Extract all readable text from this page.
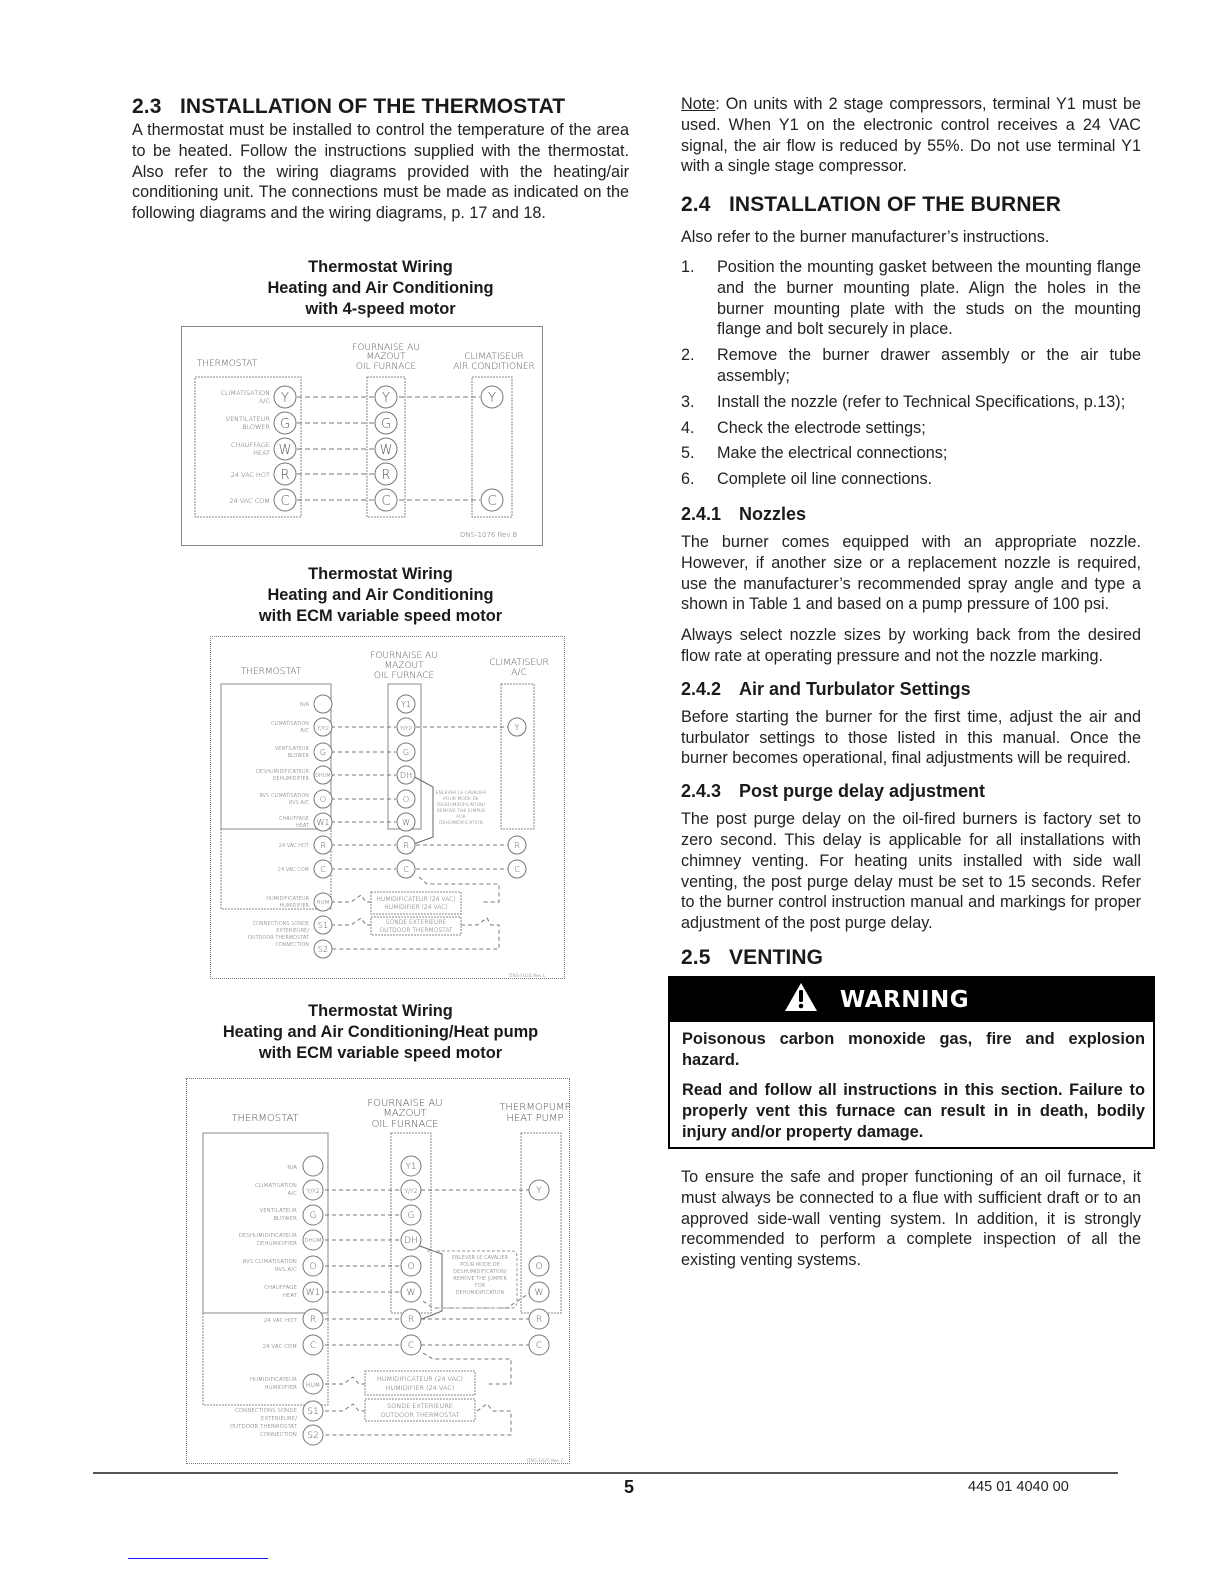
2.3 INSTALLATION OF THE THERMOSTAT

A thermostat must be installed to control the temperature of the area to be heated. Follow the instructions supplied with the thermostat. Also refer to the wiring diagrams provided with the heating/air conditioning unit. The connections must be made as indicated on the following diagrams and the wiring diagrams, p. 17 and 18.

Thermostat Wiring
Heating and Air Conditioning
with 4-speed motor
THERMOSTAT
FOURNAISE AU
MAZOUT
OIL FURNACE
CLIMATISEUR
AIR CONDITIONER
Y
G
W
R
C
Y
G
W
R
C
Y
C
CLIMATISATION
A/C
VENTILATEUR
BLOWER
CHAUFFAGE
HEAT
24 VAC HOT
24 VAC COM
DNS-1076 Rev.B
Thermostat Wiring
Heating and Air Conditioning
with ECM variable speed motor
THERMOSTAT
FOURNAISE AU
MAZOUT
OIL FURNACE
CLIMATISEUR
A/C
Y/Y2
G
DHUM
O
W1
R
C
HUM
S1
S2
Y1
Y/Y2
G
DH
O
W
R
C
Y
R
C
N/A
CLIMATISATION
A/C
VENTILATEUR
BLOWER
DESHUMIDIFICATEUR
DEHUMIDIFIER
RVS CLIMATISATION
RVS A/C
CHAUFFAGE
HEAT
24 VAC HOT
24 VAC COM
HUMIDIFICATEUR
HUMIDIFIER
CONNECTIONS SONDE
EXTERIEURE/
OUTDOOR THERMOSTAT
CONNECTION
ENLEVER LE CAVALIER
POUR MODE DE
DESHUMIDIFICATION/
REMOVE THE JUMPER
FOR
DEHUMIDIFICATION
HUMIDIFICATEUR (24 VAC)
HUMIDIFIER (24 VAC)
SONDE EXTERIEURE
OUTDOOR THERMOSTAT
DNS-1024 Rev.C
Thermostat Wiring
Heating and Air Conditioning/Heat pump
with ECM variable speed motor
THERMOSTAT
FOURNAISE AU
MAZOUT
OIL FURNACE
THERMOPUMP
HEAT PUMP
Y/Y2
G
DHUM
O
W1
R
C
HUM
S1
S2
Y1
Y/Y2
G
DH
O
W
R
C
Y
O
W
R
C
N/A
CLIMATISATION
A/C
VENTILATEUR
BLOWER
DESHUMIDIFICATEUR
DEHUMIDIFIER
RVS CLIMATISATION
RVS A/C
CHAUFFAGE
HEAT
24 VAC HOT
24 VAC COM
HUMIDIFICATEUR
HUMIDIFIER
CONNECTIONS SONDE
EXTERIEURE/
OUTDOOR THERMOSTAT
CONNECTION
ENLEVER LE CAVALIER
POUR MODE DE
DESHUMIDIFICATION/
REMOVE THE JUMPER
FOR
DEHUMIDIFICATION
HUMIDIFICATEUR (24 VAC)
HUMIDIFIER (24 VAC)
SONDE EXTERIEURE
OUTDOOR THERMOSTAT
DNS-1025 Rev.C

Note: On units with 2 stage compressors, terminal Y1 must be used. When Y1 on the electronic control receives a 24 VAC signal, the air flow is reduced by 55%. Do not use terminal Y1 with a single stage compressor.

2.4 INSTALLATION OF THE BURNER

Also refer to the burner manufacturer’s instructions.

1.	Position the mounting gasket between the mounting flange and the burner mounting plate. Align the holes in the burner mounting plate with the studs on the mounting flange and bolt securely in place.
2.	Remove the burner drawer assembly or the air tube assembly;
3.	Install the nozzle (refer to Technical Specifications, p.13);
4.	Check the electrode settings;
5.	Make the electrical connections;
6.	Complete oil line connections.
2.4.1 Nozzles

The burner comes equipped with an appropriate nozzle. However, if another size or a replacement nozzle is required, use the manufacturer’s recommended spray angle and type a shown in Table 1 and based on a pump pressure of 100 psi.

Always select nozzle sizes by working back from the desired flow rate at operating pressure and not the nozzle marking.

2.4.2 Air and Turbulator Settings

Before starting the burner for the first time, adjust the air and turbulator settings to those listed in this manual. Once the burner becomes operational, final adjustments will be required.

2.4.3 Post purge delay adjustment

The post purge delay on the oil-fired burners is factory set to zero second. This delay is applicable for all installations with chimney venting. For heating units installed with side wall venting, the post purge delay must be set to 15 seconds. Refer to the burner control instruction manual and markings for proper adjustment of the post purge delay.

2.5 VENTING
WARNING

Poisonous carbon monoxide gas, fire and explosion hazard.

Read and follow all instructions in this section. Failure to properly vent this furnace can result in in death, bodily injury and/or property damage.

To ensure the safe and proper functioning of an oil furnace, it must always be connected to a flue with sufficient draft or to an approved side-wall venting system. In addition, it is strongly recommended to perform a complete inspection of all the existing venting systems.

5	445 01 4040 00
